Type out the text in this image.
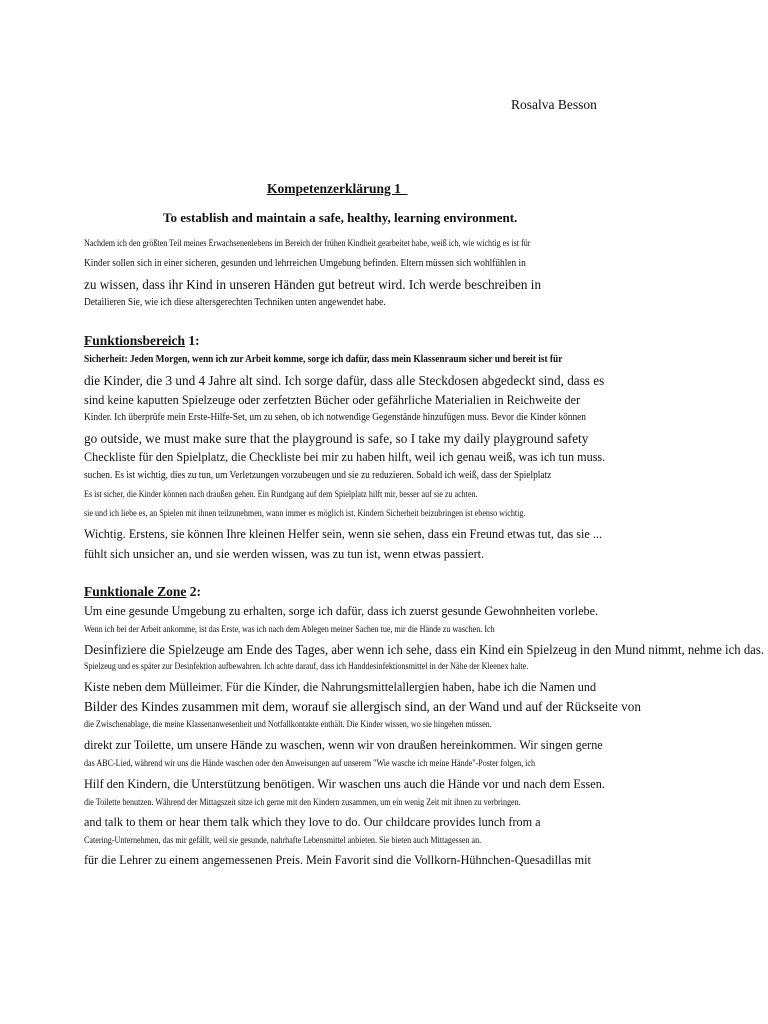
Rosalva Besson
Kompetenzerklärung 1
To establish and maintain a safe, healthy, learning environment.
Nachdem ich den größten Teil meines Erwachsenenlebens im Bereich der frühen Kindheit gearbeitet habe, weiß ich, wie wichtig es ist für
Kinder sollen sich in einer sicheren, gesunden und lehrreichen Umgebung befinden. Eltern müssen sich wohlfühlen in
zu wissen, dass ihr Kind in unseren Händen gut betreut wird. Ich werde beschreiben in
Detailieren Sie, wie ich diese altersgerechten Techniken unten angewendet habe.
Funktionsbereich 1:
Sicherheit: Jeden Morgen, wenn ich zur Arbeit komme, sorge ich dafür, dass mein Klassenraum sicher und bereit ist für
die Kinder, die 3 und 4 Jahre alt sind. Ich sorge dafür, dass alle Steckdosen abgedeckt sind, dass es
sind keine kaputten Spielzeuge oder zerfetzten Bücher oder gefährliche Materialien in Reichweite der
Kinder. Ich überprüfe mein Erste-Hilfe-Set, um zu sehen, ob ich notwendige Gegenstände hinzufügen muss. Bevor die Kinder können
go outside, we must make sure that the playground is safe, so I take my daily playground safety
Checkliste für den Spielplatz, die Checkliste bei mir zu haben hilft, weil ich genau weiß, was ich tun muss.
suchen. Es ist wichtig, dies zu tun, um Verletzungen vorzubeugen und sie zu reduzieren. Sobald ich weiß, dass der Spielplatz
Es ist sicher, die Kinder können nach draußen gehen. Ein Rundgang auf dem Spielplatz hilft mir, besser auf sie zu achten.
sie und ich liebe es, an Spielen mit ihnen teilzunehmen, wann immer es möglich ist. Kindern Sicherheit beizubringen ist ebenso wichtig.
Wichtig. Erstens, sie können Ihre kleinen Helfer sein, wenn sie sehen, dass ein Freund etwas tut, das sie ...
fühlt sich unsicher an, und sie werden wissen, was zu tun ist, wenn etwas passiert.
Funktionale Zone 2:
Um eine gesunde Umgebung zu erhalten, sorge ich dafür, dass ich zuerst gesunde Gewohnheiten vorlebe.
Wenn ich bei der Arbeit ankomme, ist das Erste, was ich nach dem Ablegen meiner Sachen tue, mir die Hände zu waschen. Ich
Desinfiziere die Spielzeuge am Ende des Tages, aber wenn ich sehe, dass ein Kind ein Spielzeug in den Mund nimmt, nehme ich das.
Spielzeug und es später zur Desinfektion aufbewahren. Ich achte darauf, dass ich Handdesinfektionsmittel in der Nähe der Kleenex halte.
Kiste neben dem Mülleimer. Für die Kinder, die Nahrungsmittelallergien haben, habe ich die Namen und
Bilder des Kindes zusammen mit dem, worauf sie allergisch sind, an der Wand und auf der Rückseite von
die Zwischenablage, die meine Klassenanwesenheit und Notfallkontakte enthält. Die Kinder wissen, wo sie hingehen müssen.
direkt zur Toilette, um unsere Hände zu waschen, wenn wir von draußen hereinkommen. Wir singen gerne
das ABC-Lied, während wir uns die Hände waschen oder den Anweisungen auf unserem "Wie wasche ich meine Hände"-Poster folgen, ich
Hilf den Kindern, die Unterstützung benötigen. Wir waschen uns auch die Hände vor und nach dem Essen.
die Toilette benutzen. Während der Mittagszeit sitze ich gerne mit den Kindern zusammen, um ein wenig Zeit mit ihnen zu verbringen.
and talk to them or hear them talk which they love to do. Our childcare provides lunch from a
Catering-Unternehmen, das mir gefällt, weil sie gesunde, nahrhafte Lebensmittel anbieten. Sie bieten auch Mittagessen an.
für die Lehrer zu einem angemessenen Preis. Mein Favorit sind die Vollkorn-Hühnchen-Quesadillas mit
